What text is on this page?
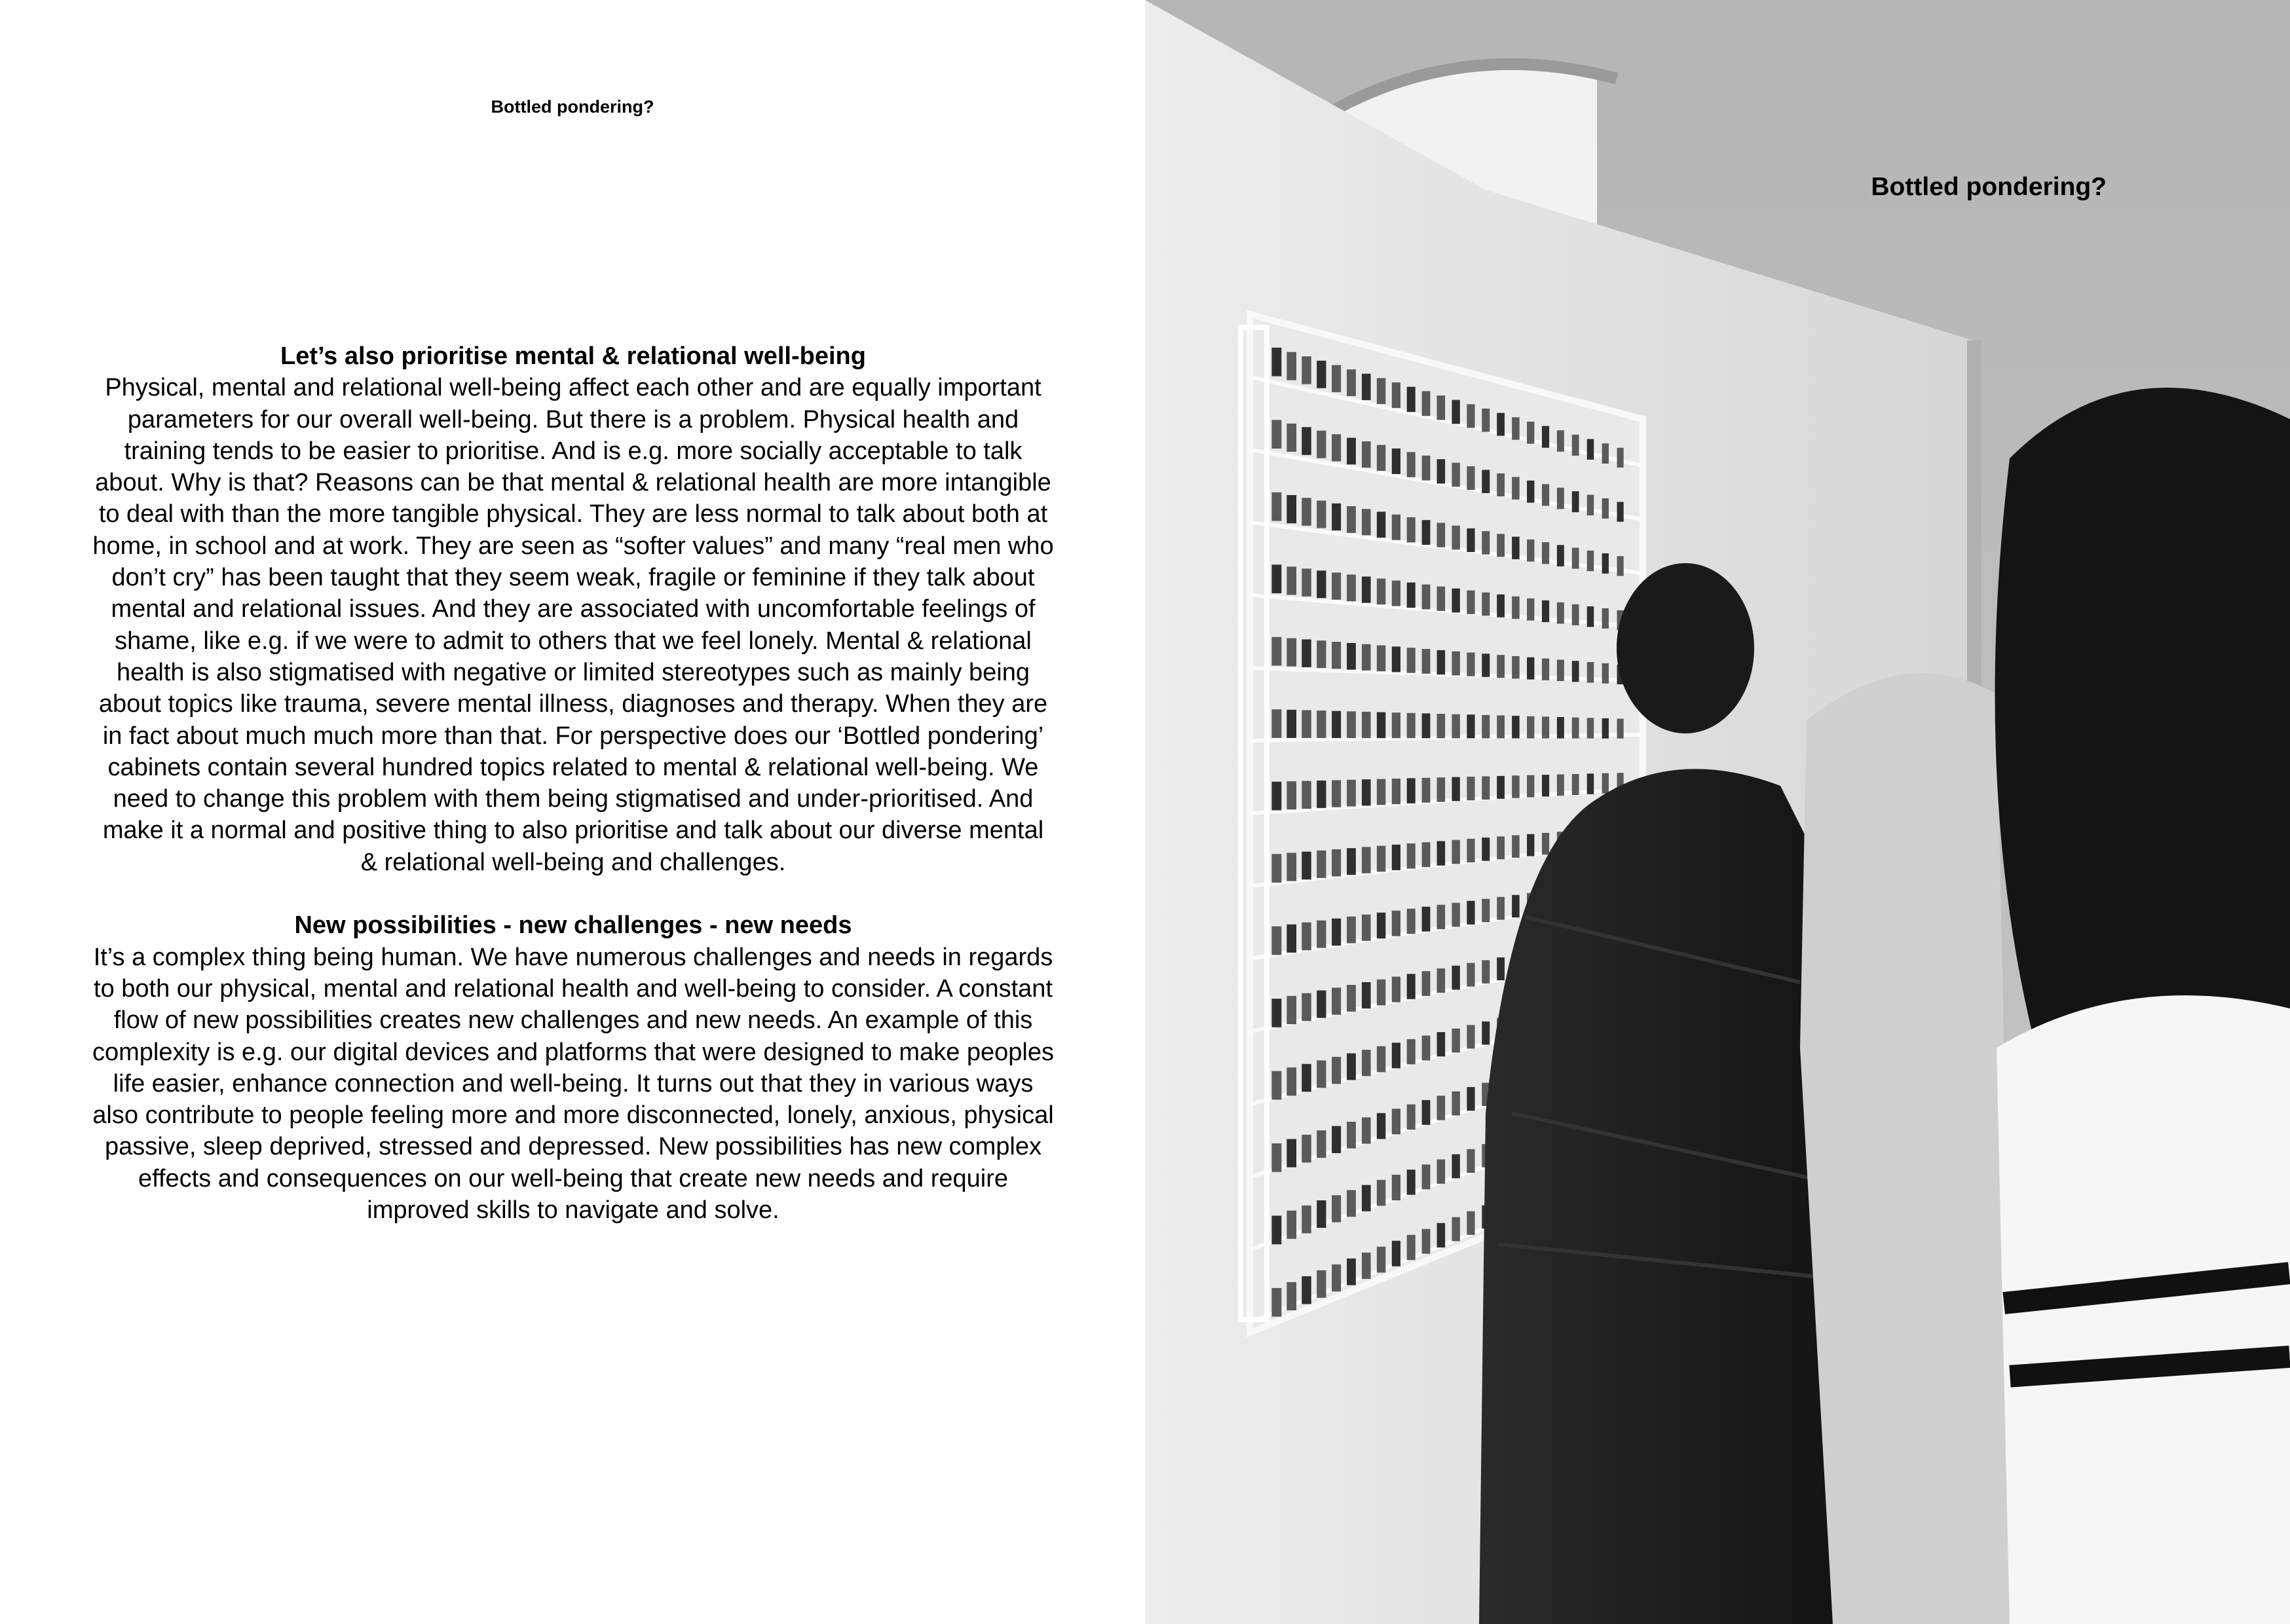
Bottled pondering?
Let’s also prioritise mental & relational well-being

Physical, mental and relational well-being affect each other and are equally important parameters for our overall well-being. But there is a problem. Physical health and training tends to be easier to prioritise. And is e.g. more socially acceptable to talk about. Why is that? Reasons can be that mental & relational health are more intangible to deal with than the more tangible physical. They are less normal to talk about both at home, in school and at work. They are seen as “softer values” and many “real men who don’t cry” has been taught that they seem weak, fragile or feminine if they talk about mental and relational issues. And they are associated with uncomfortable feelings of shame, like e.g. if we were to admit to others that we feel lonely. Mental & relational health is also stigmatised with negative or limited stereotypes such as mainly being about topics like trauma, severe mental illness, diagnoses and therapy. When they are in fact about much much more than that. For perspective does our ‘Bottled pondering’ cabinets contain several hundred topics related to mental & relational well-being. We need to change this problem with them being stigmatised and under-prioritised. And make it a normal and positive thing to also prioritise and talk about our diverse mental & relational well-being and challenges.

New possibilities - new challenges - new needs

It’s a complex thing being human. We have numerous challenges and needs in regards to both our physical, mental and relational health and well-being to consider. A constant flow of new possibilities creates new challenges and new needs. An example of this complexity is e.g. our digital devices and platforms that were designed to make peoples life easier, enhance connection and well-being. It turns out that they in various ways also contribute to people feeling more and more disconnected, lonely, anxious, physical passive, sleep deprived, stressed and depressed. New possibilities has new complex effects and consequences on our well-being that create new needs and require improved skills to navigate and solve.

Bottled pondering?
